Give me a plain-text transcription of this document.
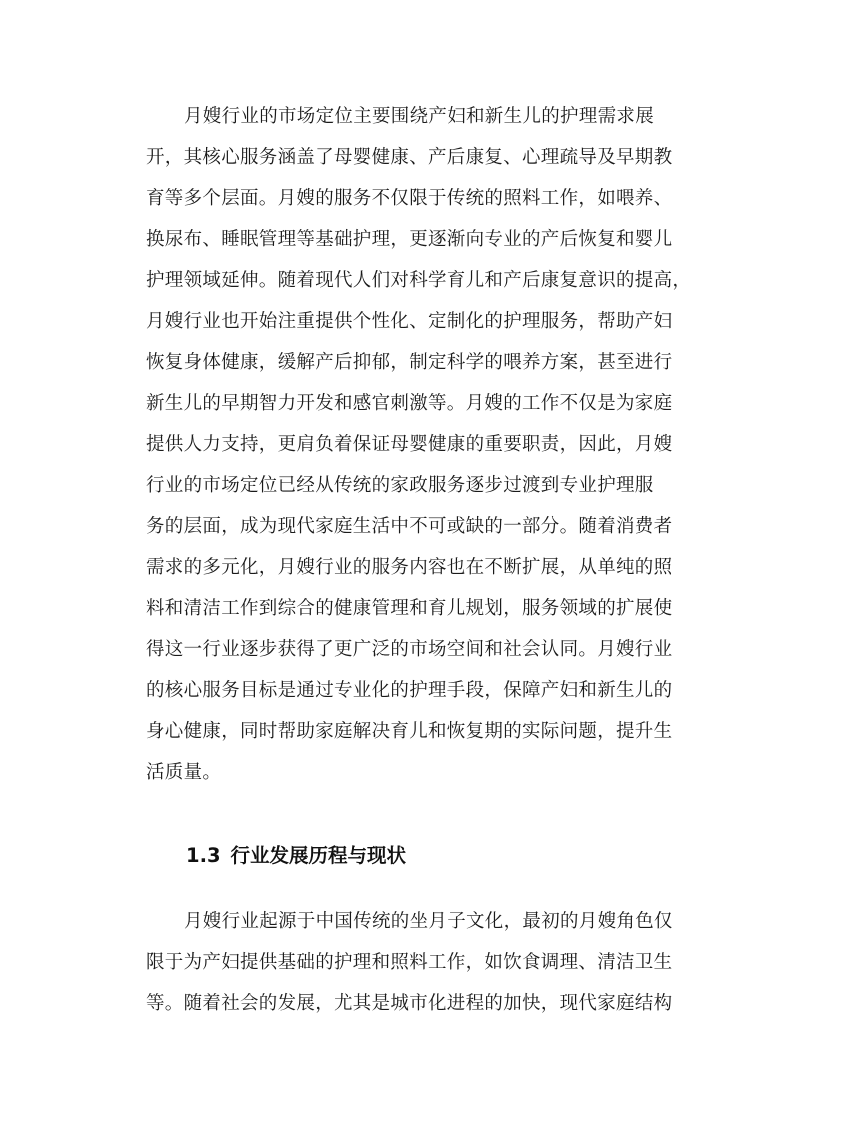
月嫂行业的市场定位主要围绕产妇和新生儿的护理需求展

开，其核心服务涵盖了母婴健康、产后康复、心理疏导及早期教

育等多个层面。月嫂的服务不仅限于传统的照料工作，如喂养、

换尿布、睡眠管理等基础护理，更逐渐向专业的产后恢复和婴儿

护理领域延伸。随着现代人们对科学育儿和产后康复意识的提高，

月嫂行业也开始注重提供个性化、定制化的护理服务，帮助产妇

恢复身体健康，缓解产后抑郁，制定科学的喂养方案，甚至进行

新生儿的早期智力开发和感官刺激等。月嫂的工作不仅是为家庭

提供人力支持，更肩负着保证母婴健康的重要职责，因此，月嫂

行业的市场定位已经从传统的家政服务逐步过渡到专业护理服

务的层面，成为现代家庭生活中不可或缺的一部分。随着消费者

需求的多元化，月嫂行业的服务内容也在不断扩展，从单纯的照

料和清洁工作到综合的健康管理和育儿规划，服务领域的扩展使

得这一行业逐步获得了更广泛的市场空间和社会认同。月嫂行业

的核心服务目标是通过专业化的护理手段，保障产妇和新生儿的

身心健康，同时帮助家庭解决育儿和恢复期的实际问题，提升生

活质量。

1.3 行业发展历程与现状

月嫂行业起源于中国传统的坐月子文化，最初的月嫂角色仅

限于为产妇提供基础的护理和照料工作，如饮食调理、清洁卫生

等。随着社会的发展，尤其是城市化进程的加快，现代家庭结构
